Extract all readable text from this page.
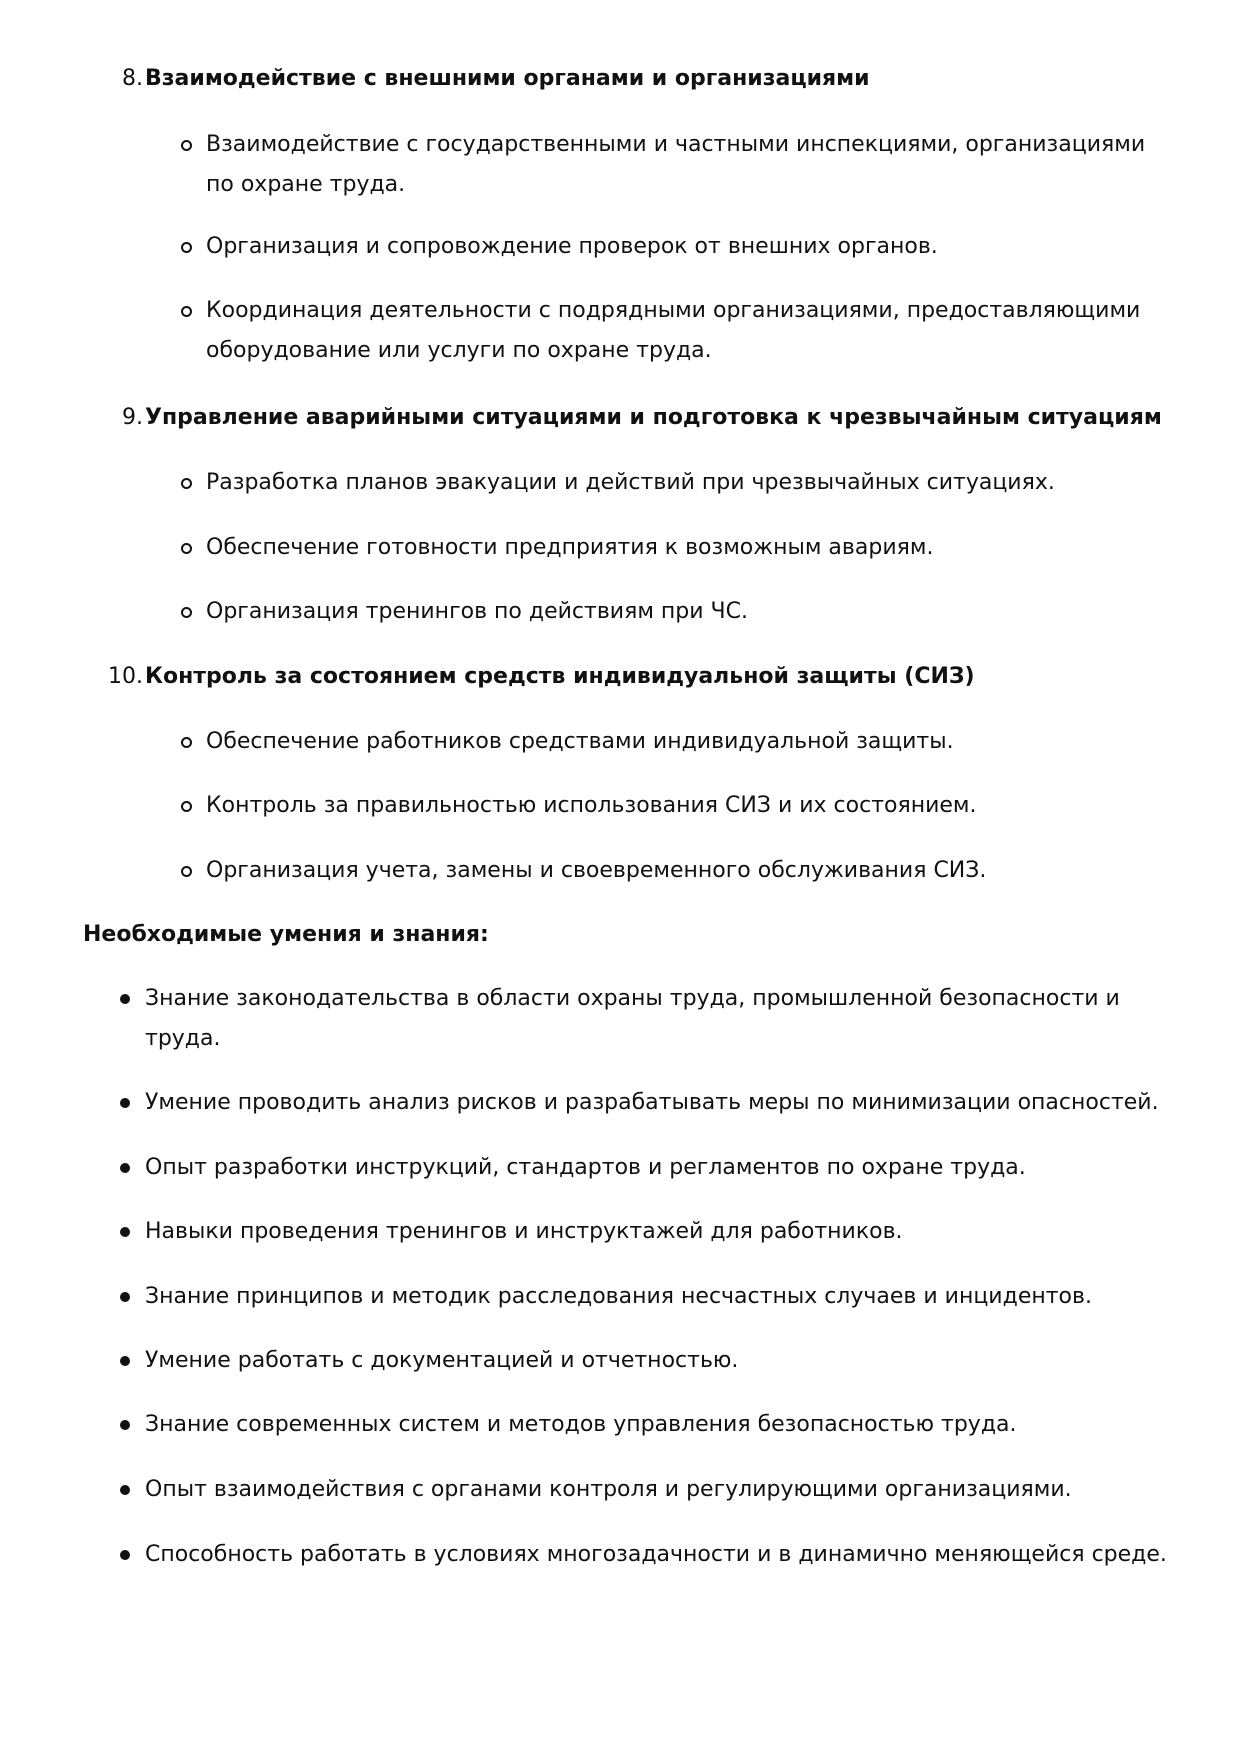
8. Взаимодействие с внешними органами и организациями
Взаимодействие с государственными и частными инспекциями, организациями по охране труда.
Организация и сопровождение проверок от внешних органов.
Координация деятельности с подрядными организациями, предоставляющими оборудование или услуги по охране труда.
9. Управление аварийными ситуациями и подготовка к чрезвычайным ситуациям
Разработка планов эвакуации и действий при чрезвычайных ситуациях.
Обеспечение готовности предприятия к возможным авариям.
Организация тренингов по действиям при ЧС.
10. Контроль за состоянием средств индивидуальной защиты (СИЗ)
Обеспечение работников средствами индивидуальной защиты.
Контроль за правильностью использования СИЗ и их состоянием.
Организация учета, замены и своевременного обслуживания СИЗ.
Необходимые умения и знания:
Знание законодательства в области охраны труда, промышленной безопасности и труда.
Умение проводить анализ рисков и разрабатывать меры по минимизации опасностей.
Опыт разработки инструкций, стандартов и регламентов по охране труда.
Навыки проведения тренингов и инструктажей для работников.
Знание принципов и методик расследования несчастных случаев и инцидентов.
Умение работать с документацией и отчетностью.
Знание современных систем и методов управления безопасностью труда.
Опыт взаимодействия с органами контроля и регулирующими организациями.
Способность работать в условиях многозадачности и в динамично меняющейся среде.
